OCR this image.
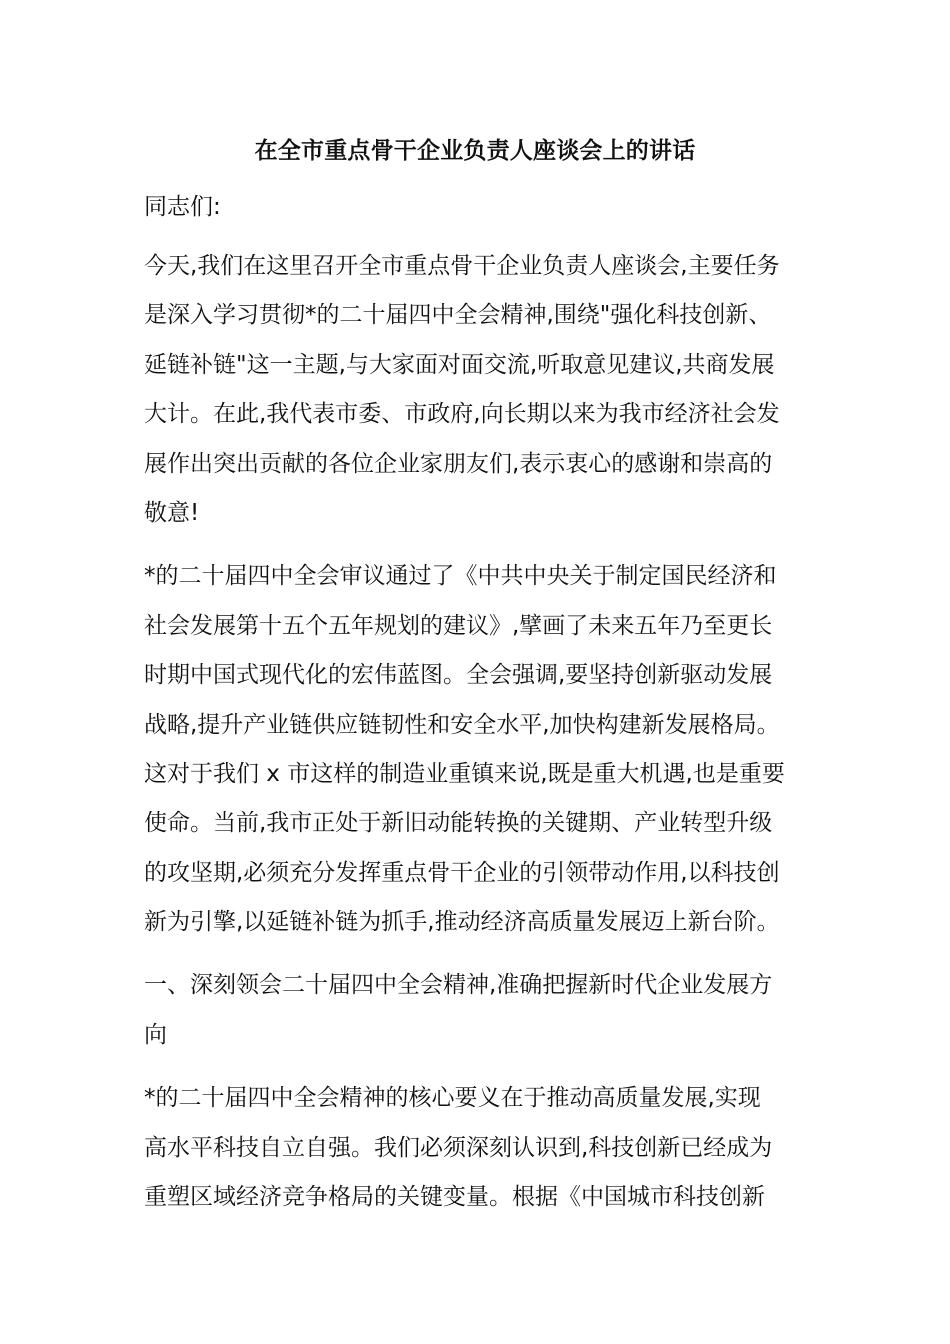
在全市重点骨干企业负责人座谈会上的讲话
同志们:
今天,我们在这里召开全市重点骨干企业负责人座谈会,主要任务
是深入学习贯彻*的二十届四中全会精神,围绕"强化科技创新、
延链补链"这一主题,与大家面对面交流,听取意见建议,共商发展
大计。在此,我代表市委、市政府,向长期以来为我市经济社会发
展作出突出贡献的各位企业家朋友们,表示衷心的感谢和崇高的
敬意!
*的二十届四中全会审议通过了《中共中央关于制定国民经济和
社会发展第十五个五年规划的建议》,擘画了未来五年乃至更长
时期中国式现代化的宏伟蓝图。全会强调,要坚持创新驱动发展
战略,提升产业链供应链韧性和安全水平,加快构建新发展格局。
这对于我们 x 市这样的制造业重镇来说,既是重大机遇,也是重要
使命。当前,我市正处于新旧动能转换的关键期、产业转型升级
的攻坚期,必须充分发挥重点骨干企业的引领带动作用,以科技创
新为引擎,以延链补链为抓手,推动经济高质量发展迈上新台阶。
一、深刻领会二十届四中全会精神,准确把握新时代企业发展方
向
*的二十届四中全会精神的核心要义在于推动高质量发展,实现
高水平科技自立自强。我们必须深刻认识到,科技创新已经成为
重塑区域经济竞争格局的关键变量。根据《中国城市科技创新
